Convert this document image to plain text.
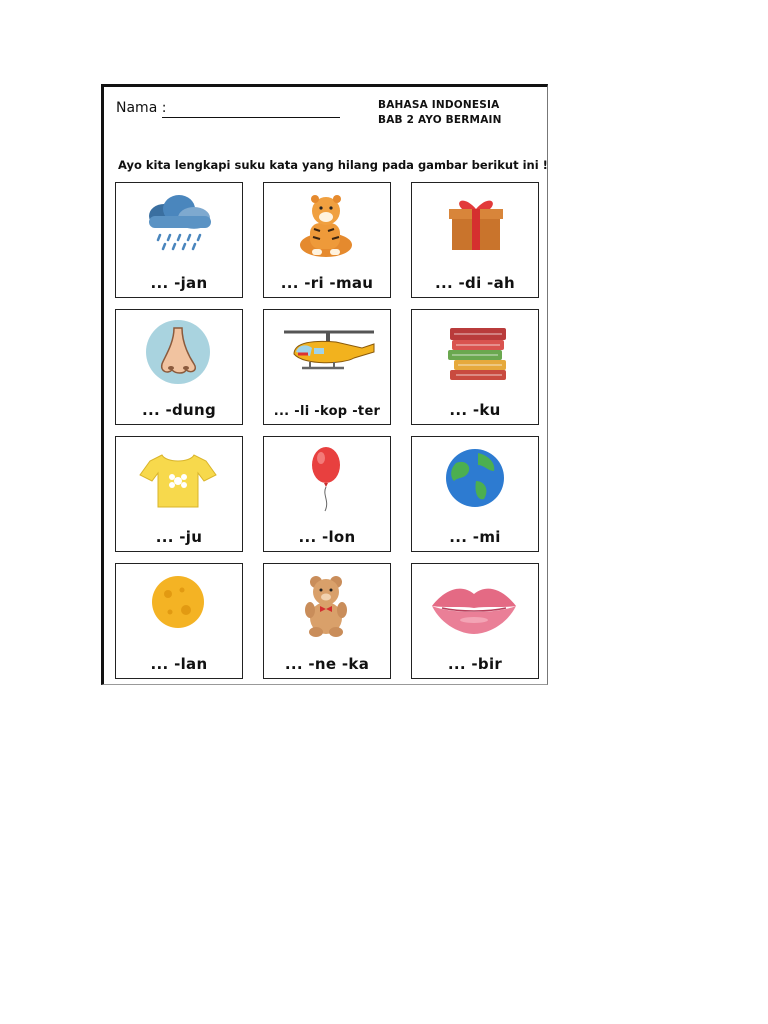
Nama :	BAHASA INDONESIA
BAB 2 AYO BERMAIN
Ayo kita lengkapi suku kata yang hilang pada gambar berikut ini !
... -jan	... -ri -mau	... -di -ah
... -dung	... -li -kop -ter	... -ku
... -ju	... -lon	... -mi
... -lan	... -ne -ka	... -bir
